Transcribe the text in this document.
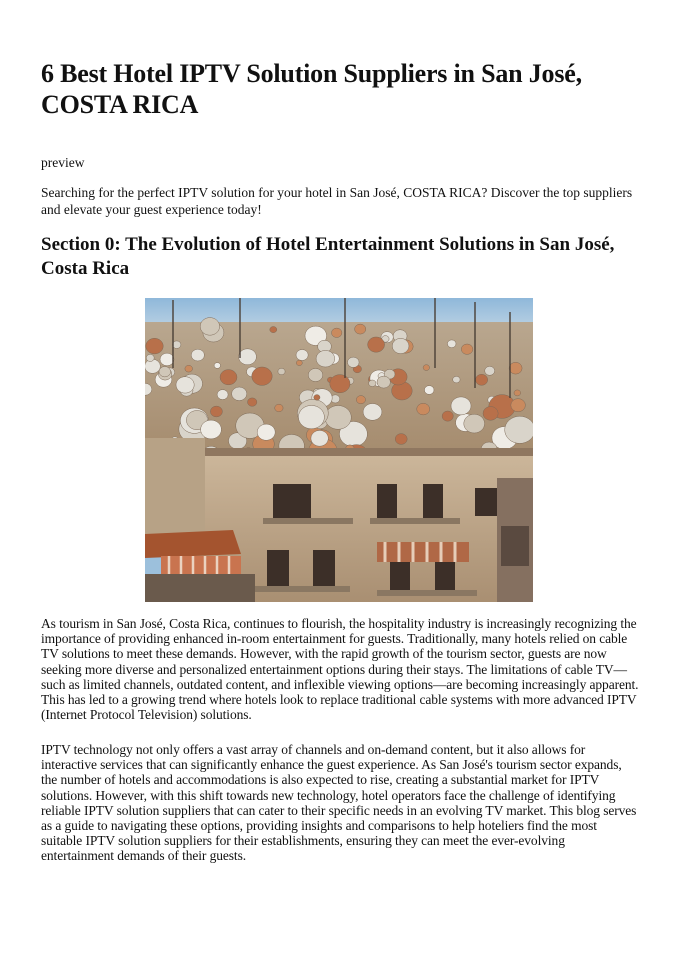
6 Best Hotel IPTV Solution Suppliers in San José, COSTA RICA

preview

Searching for the perfect IPTV solution for your hotel in San José, COSTA RICA? Discover the top suppliers and elevate your guest experience today!

Section 0: The Evolution of Hotel Entertainment Solutions in San José, Costa Rica

As tourism in San José, Costa Rica, continues to flourish, the hospitality industry is increasingly recognizing the importance of providing enhanced in-room entertainment for guests. Traditionally, many hotels relied on cable TV solutions to meet these demands. However, with the rapid growth of the tourism sector, guests are now seeking more diverse and personalized entertainment options during their stays. The limitations of cable TV—such as limited channels, outdated content, and inflexible viewing options—are becoming increasingly apparent. This has led to a growing trend where hotels look to replace traditional cable systems with more advanced IPTV (Internet Protocol Television) solutions.

IPTV technology not only offers a vast array of channels and on-demand content, but it also allows for interactive services that can significantly enhance the guest experience. As San José's tourism sector expands, the number of hotels and accommodations is also expected to rise, creating a substantial market for IPTV solutions. However, with this shift towards new technology, hotel operators face the challenge of identifying reliable IPTV solution suppliers that can cater to their specific needs in an evolving TV market. This blog serves as a guide to navigating these options, providing insights and comparisons to help hoteliers find the most suitable IPTV solution suppliers for their establishments, ensuring they can meet the ever-evolving entertainment demands of their guests.
